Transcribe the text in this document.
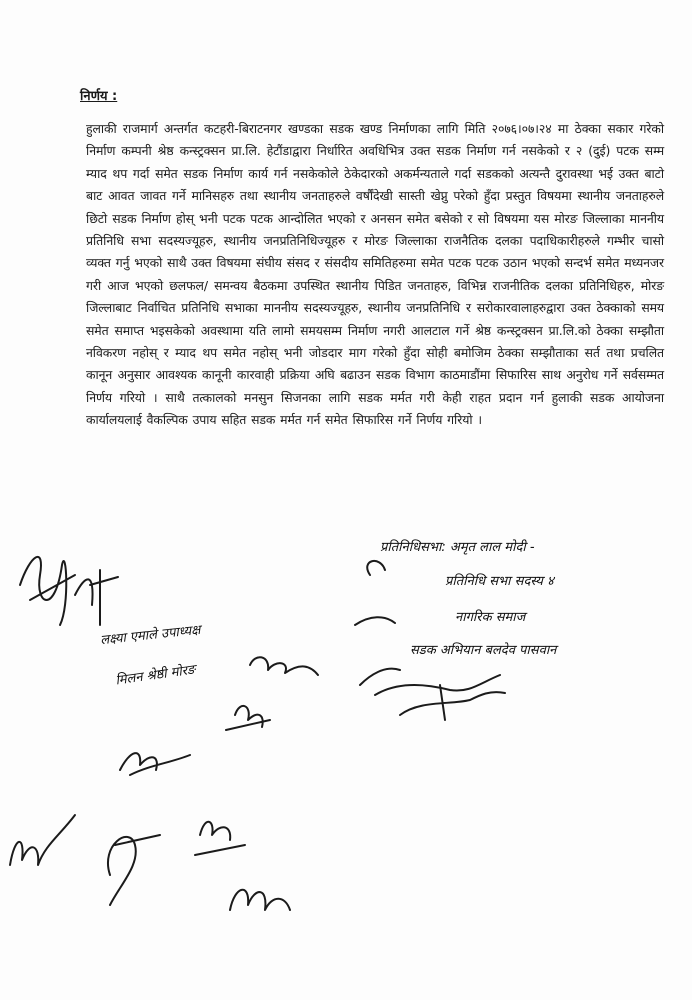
निर्णय :
हुलाकी राजमार्ग अन्तर्गत कटहरी-बिराटनगर खण्डका सडक खण्ड निर्माणका लागि मिति २०७६।०७।२४ मा ठेक्का सकार गरेको निर्माण कम्पनी श्रेष्ठ कन्स्ट्रक्सन प्रा.लि. हेटौंडाद्वारा निर्धारित अवधिभित्र उक्त सडक निर्माण गर्न नसकेको र २ (दुई) पटक सम्म म्याद थप गर्दा समेत सडक निर्माण कार्य गर्न नसकेकोले ठेकेदारको अकर्मन्यताले गर्दा सडकको अत्यन्तै दुरावस्था भई उक्त बाटो बाट आवत जावत गर्ने मानिसहरु तथा स्थानीय जनताहरुले वर्षौंदेखी सास्ती खेप्नु परेको हुँदा प्रस्तुत विषयमा स्थानीय जनताहरुले छिटो सडक निर्माण होस् भनी पटक पटक आन्दोलित भएको र अनसन समेत बसेको र सो विषयमा यस मोरङ जिल्लाका माननीय प्रतिनिधि सभा सदस्यज्यूहरु, स्थानीय जनप्रतिनिधिज्यूहरु र मोरङ जिल्लाका राजनैतिक दलका पदाधिकारीहरुले गम्भीर चासो व्यक्त गर्नु भएको साथै उक्त विषयमा संघीय संसद र संसदीय समितिहरुमा समेत पटक पटक उठान भएको सन्दर्भ समेत मध्यनजर गरी आज भएको छलफल/ समन्वय बैठकमा उपस्थित स्थानीय पिडित जनताहरु, विभिन्न राजनीतिक दलका प्रतिनिधिहरु, मोरङ जिल्लाबाट निर्वाचित प्रतिनिधि सभाका माननीय सदस्यज्यूहरु, स्थानीय जनप्रतिनिधि र सरोकारवालाहरुद्वारा उक्त ठेक्काको समय समेत समाप्त भइसकेको अवस्थामा यति लामो समयसम्म निर्माण नगरी आलटाल गर्ने श्रेष्ठ कन्स्ट्रक्सन प्रा.लि.को ठेक्का सम्झौता नविकरण नहोस् र म्याद थप समेत नहोस् भनी जोडदार माग गरेको हुँदा सोही बमोजिम ठेक्का सम्झौताका सर्त तथा प्रचलित कानून अनुसार आवश्यक कानूनी कारवाही प्रक्रिया अघि बढाउन सडक विभाग काठमाडौंमा सिफारिस साथ अनुरोध गर्ने सर्वसम्मत निर्णय गरियो । साथै तत्कालको मनसुन सिजनका लागि सडक मर्मत गरी केही राहत प्रदान गर्न हुलाकी सडक आयोजना कार्यालयलाई वैकल्पिक उपाय सहित सडक मर्मत गर्न समेत सिफारिस गर्ने निर्णय गरियो ।
प्रतिनिधिसभा: अमृत लाल मोदी -
प्रतिनिधि सभा सदस्य ४
नागरिक समाज
सडक अभियान बलदेव पासवान
लक्ष्या एमाले उपाध्यक्ष
मिलन श्रेष्ठी मोरङ
